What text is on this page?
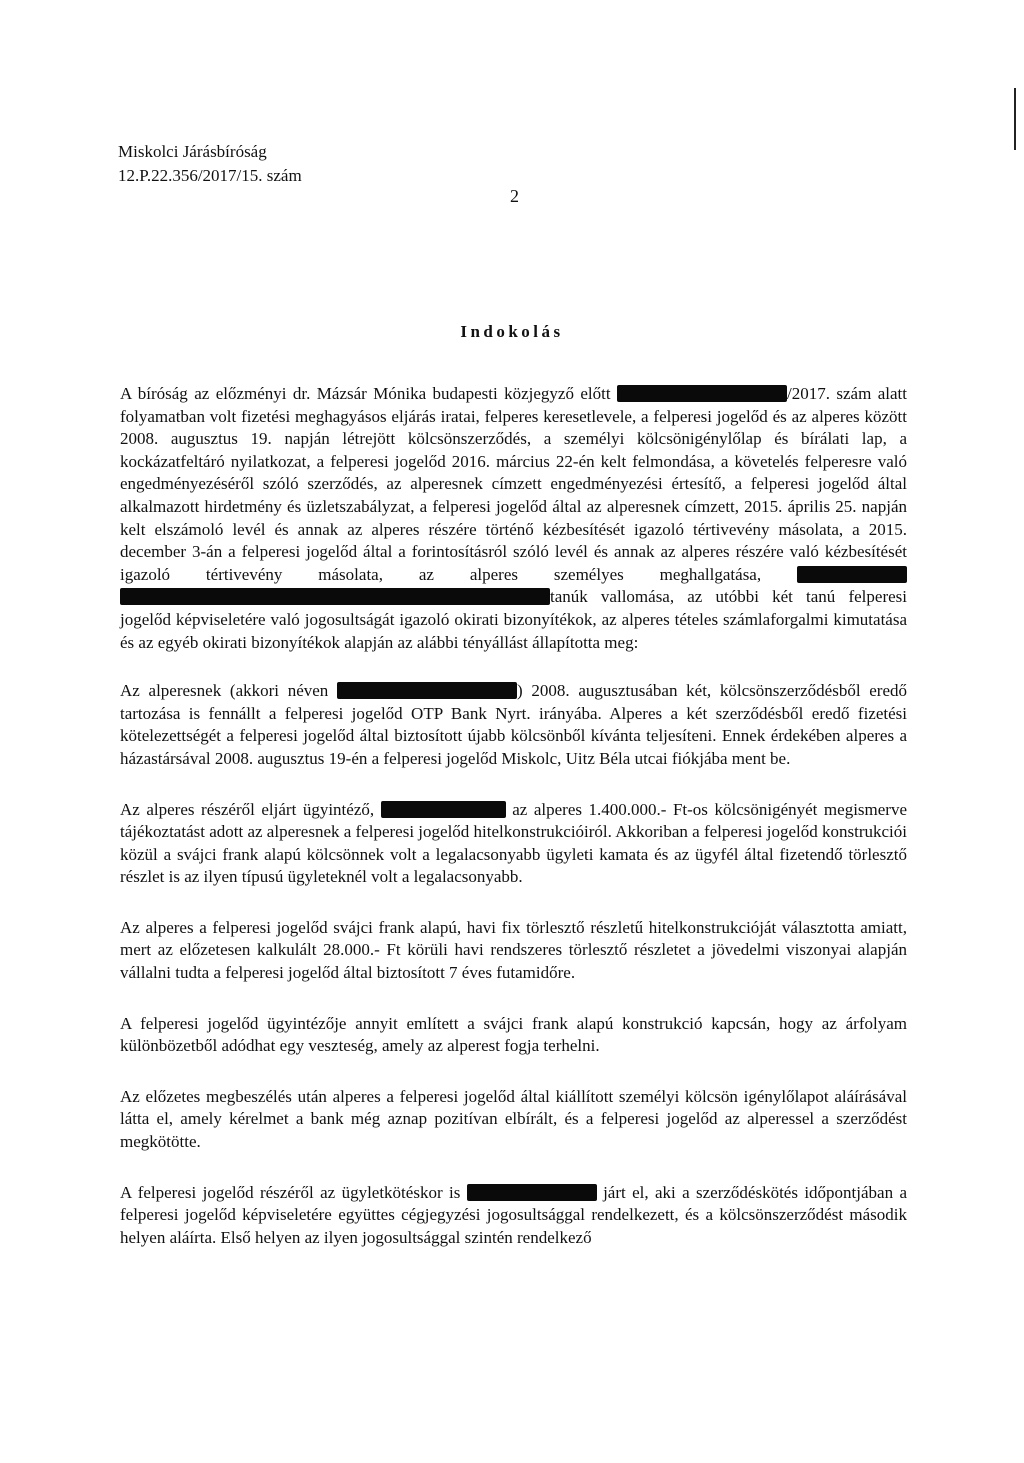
Miskolci Járásbíróság
12.P.22.356/2017/15. szám
2
Indokolás

A bíróság az előzményi dr. Mázsár Mónika budapesti közjegyző előtt	/2017. szám alatt folyamatban volt fizetési meghagyásos eljárás iratai, felperes keresetlevele, a felperesi jogelőd és az alperes között 2008. augusztus 19. napján létrejött kölcsönszerződés, a személyi kölcsönigénylőlap és bírálati lap, a kockázatfeltáró nyilatkozat, a felperesi jogelőd 2016. március 22-én kelt felmondása, a követelés felperesre való engedményezéséről szóló szerződés, az alperesnek címzett engedményezési értesítő, a felperesi jogelőd által alkalmazott hirdetmény és üzletszabályzat, a felperesi jogelőd által az alperesnek címzett, 2015. április 25. napján kelt elszámoló levél és annak az alperes részére történő kézbesítését igazoló tértivevény másolata, a 2015. december 3-án a felperesi jogelőd által a forintosításról szóló levél és annak az alperes részére való kézbesítését igazoló tértivevény másolata, az alperes személyes meghallgatása,  tanúk vallomása, az utóbbi két tanú felperesi jogelőd képviseletére való jogosultságát igazoló okirati bizonyítékok, az alperes tételes számlaforgalmi kimutatása és az egyéb okirati bizonyítékok alapján az alábbi tényállást állapította meg:

Az alperesnek (akkori néven	) 2008. augusztusában két, kölcsönszerződésből eredő tartozása is fennállt a felperesi jogelőd OTP Bank Nyrt. irányába. Alperes a két szerződésből eredő fizetési kötelezettségét a felperesi jogelőd által biztosított újabb kölcsönből kívánta teljesíteni. Ennek érdekében alperes a házastársával 2008. augusztus 19-én a felperesi jogelőd Miskolc, Uitz Béla utcai fiókjába ment be.

Az alperes részéről eljárt ügyintéző,	az alperes 1.400.000.- Ft-os kölcsönigényét megismerve tájékoztatást adott az alperesnek a felperesi jogelőd hitelkonstrukcióiról. Akkoriban a felperesi jogelőd konstrukciói közül a svájci frank alapú kölcsönnek volt a legalacsonyabb ügyleti kamata és az ügyfél által fizetendő törlesztő részlet is az ilyen típusú ügyleteknél volt a legalacsonyabb.

Az alperes a felperesi jogelőd svájci frank alapú, havi fix törlesztő részletű hitelkonstrukcióját választotta amiatt, mert az előzetesen kalkulált 28.000.- Ft körüli havi rendszeres törlesztő részletet a jövedelmi viszonyai alapján vállalni tudta a felperesi jogelőd által biztosított 7 éves futamidőre.

A felperesi jogelőd ügyintézője annyit említett a svájci frank alapú konstrukció kapcsán, hogy az árfolyam különbözetből adódhat egy veszteség, amely az alperest fogja terhelni.

Az előzetes megbeszélés után alperes a felperesi jogelőd által kiállított személyi kölcsön igénylőlapot aláírásával látta el, amely kérelmet a bank még aznap pozitívan elbírált, és a felperesi jogelőd az alperessel a szerződést megkötötte.

A felperesi jogelőd részéről az ügyletkötéskor is	járt el, aki a szerződéskötés időpontjában a felperesi jogelőd képviseletére együttes cégjegyzési jogosultsággal rendelkezett, és a kölcsönszerződést második helyen aláírta. Első helyen az ilyen jogosultsággal szintén rendelkező
